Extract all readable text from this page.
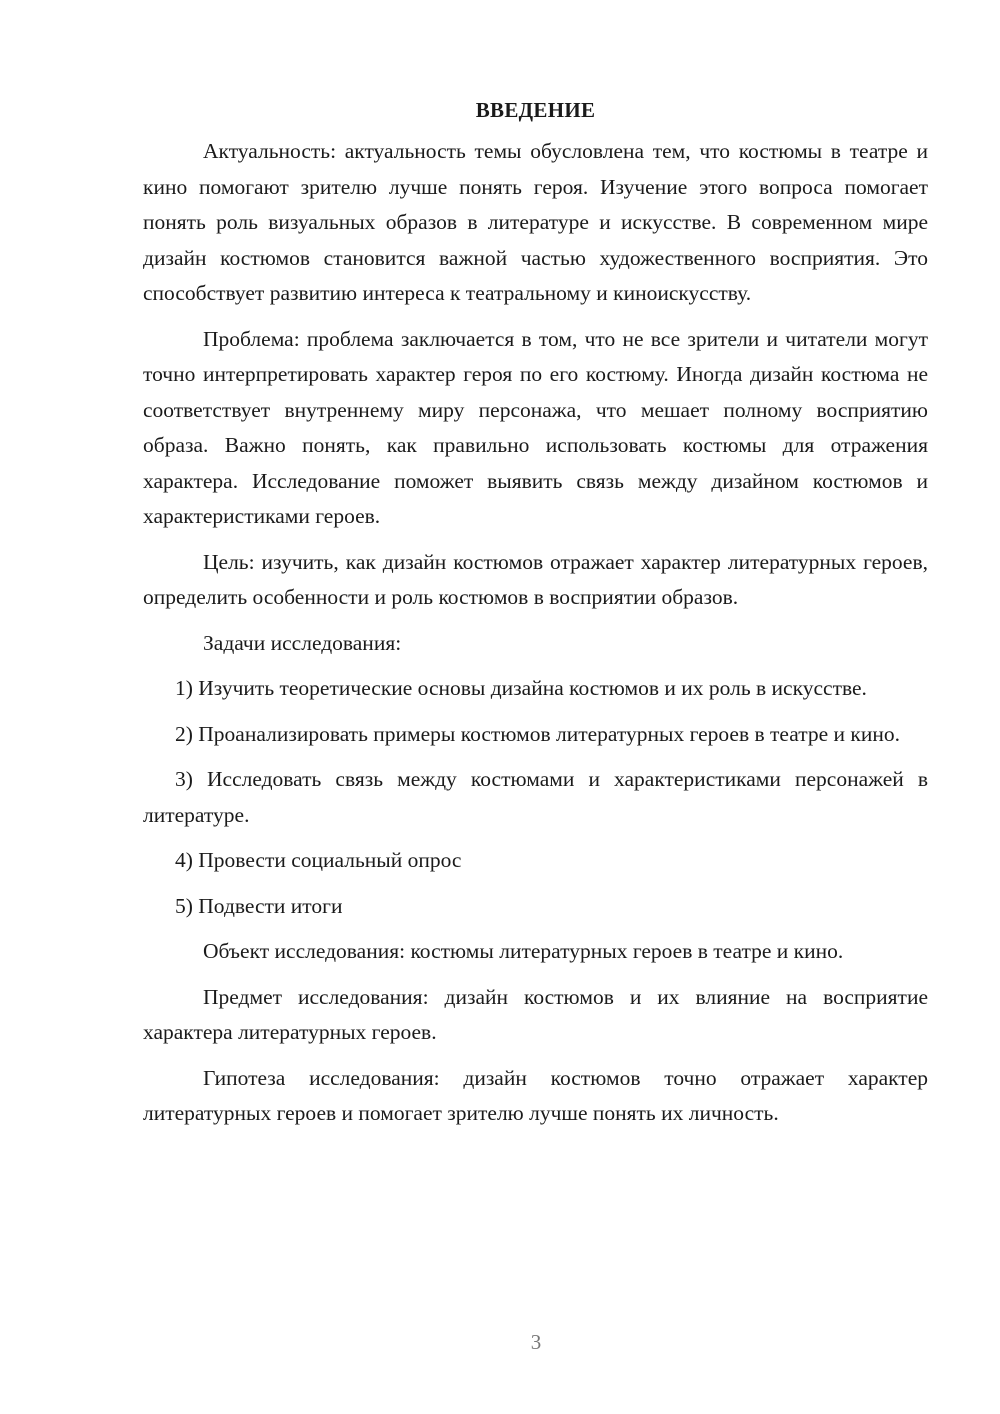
ВВЕДЕНИЕ

Актуальность: актуальность темы обусловлена тем, что костюмы в театре и кино помогают зрителю лучше понять героя. Изучение этого вопроса помогает понять роль визуальных образов в литературе и искусстве. В современном мире дизайн костюмов становится важной частью художественного восприятия. Это способствует развитию интереса к театральному и киноискусству.

Проблема: проблема заключается в том, что не все зрители и читатели могут точно интерпретировать характер героя по его костюму. Иногда дизайн костюма не соответствует внутреннему миру персонажа, что мешает полному восприятию образа. Важно понять, как правильно использовать костюмы для отражения характера. Исследование поможет выявить связь между дизайном костюмов и характеристиками героев.

Цель: изучить, как дизайн костюмов отражает характер литературных героев, определить особенности и роль костюмов в восприятии образов.

Задачи исследования:

1) Изучить теоретические основы дизайна костюмов и их роль в искусстве.

2) Проанализировать примеры костюмов литературных героев в театре и кино.

3) Исследовать связь между костюмами и характеристиками персонажей в литературе.

4) Провести социальный опрос

5) Подвести итоги

Объект исследования: костюмы литературных героев в театре и кино.

Предмет исследования: дизайн костюмов и их влияние на восприятие характера литературных героев.

Гипотеза исследования: дизайн костюмов точно отражает характер литературных героев и помогает зрителю лучше понять их личность.

3
